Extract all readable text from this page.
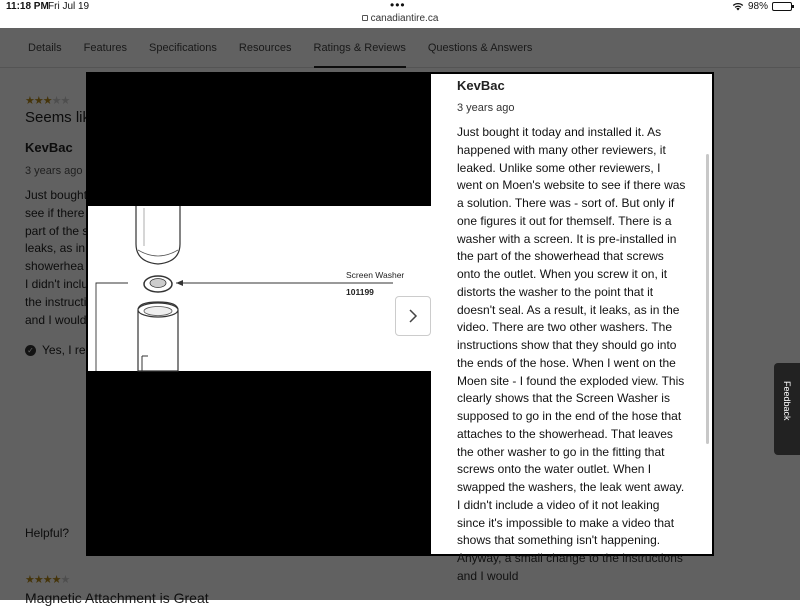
11:18 PM Fri Jul 19	•••	98%
canadiantire.ca
Feedback
Screen Washer
101199
KevBac
3 years ago
Just bought it today and installed it. As happened with many other reviewers, it leaked. Unlike some other reviewers, I went on Moen's website to see if there was a solution. There was - sort of. But only if one figures it out for themself. There is a washer with a screen. It is pre-installed in the part of the showerhead that screws onto the outlet. When you screw it on, it distorts the washer to the point that it doesn't seal. As a result, it leaks, as in the video. There are two other washers. The instructions show that they should go into the ends of the hose. When I went on the Moen site - I found the exploded view. This clearly shows that the Screen Washer is supposed to go in the end of the hose that attaches to the showerhead. That leaves the other washer to go in the fitting that screws onto the water outlet. When I swapped the washers, the leak went away. I didn't include a video of it not leaking since it's impossible to make a video that shows that something isn't happening. Anyway, a small change to the instructions and I would
